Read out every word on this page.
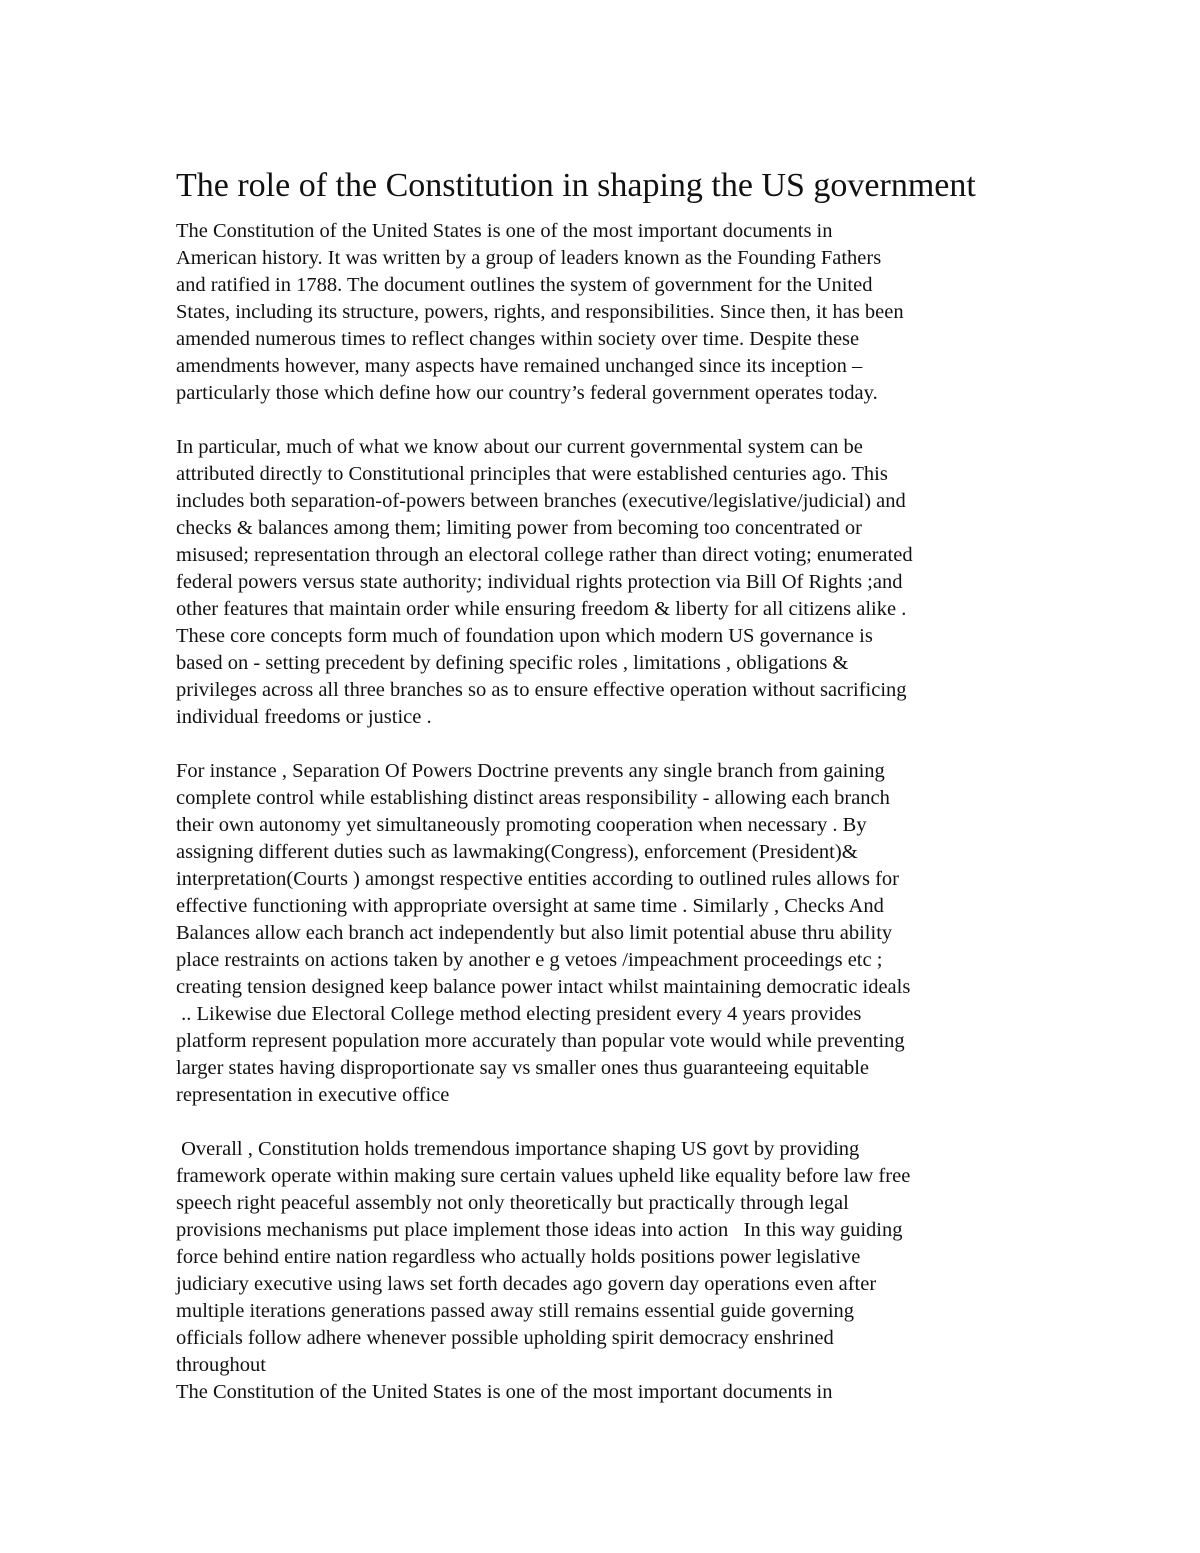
The role of the Constitution in shaping the US government
The Constitution of the United States is one of the most important documents in
American history. It was written by a group of leaders known as the Founding Fathers
and ratified in 1788. The document outlines the system of government for the United
States, including its structure, powers, rights, and responsibilities. Since then, it has been
amended numerous times to reflect changes within society over time. Despite these
amendments however, many aspects have remained unchanged since its inception –
particularly those which define how our country’s federal government operates today.
In particular, much of what we know about our current governmental system can be
attributed directly to Constitutional principles that were established centuries ago. This
includes both separation-of-powers between branches (executive/legislative/judicial) and
checks & balances among them; limiting power from becoming too concentrated or
misused; representation through an electoral college rather than direct voting; enumerated
federal powers versus state authority; individual rights protection via Bill Of Rights ;and
other features that maintain order while ensuring freedom & liberty for all citizens alike .
These core concepts form much of foundation upon which modern US governance is
based on - setting precedent by defining specific roles , limitations , obligations &
privileges across all three branches so as to ensure effective operation without sacrificing
individual freedoms or justice .
For instance , Separation Of Powers Doctrine prevents any single branch from gaining
complete control while establishing distinct areas responsibility - allowing each branch
their own autonomy yet simultaneously promoting cooperation when necessary . By
assigning different duties such as lawmaking(Congress), enforcement (President)&
interpretation(Courts ) amongst respective entities according to outlined rules allows for
effective functioning with appropriate oversight at same time . Similarly , Checks And
Balances allow each branch act independently but also limit potential abuse thru ability
place restraints on actions taken by another e g vetoes /impeachment proceedings etc ;
creating tension designed keep balance power intact whilst maintaining democratic ideals
.. Likewise due Electoral College method electing president every 4 years provides
platform represent population more accurately than popular vote would while preventing
larger states having disproportionate say vs smaller ones thus guaranteeing equitable
representation in executive office
Overall , Constitution holds tremendous importance shaping US govt by providing
framework operate within making sure certain values upheld like equality before law free
speech right peaceful assembly not only theoretically but practically through legal
provisions mechanisms put place implement those ideas into action   In this way guiding
force behind entire nation regardless who actually holds positions power legislative
judiciary executive using laws set forth decades ago govern day operations even after
multiple iterations generations passed away still remains essential guide governing
officials follow adhere whenever possible upholding spirit democracy enshrined
throughout
The Constitution of the United States is one of the most important documents in
